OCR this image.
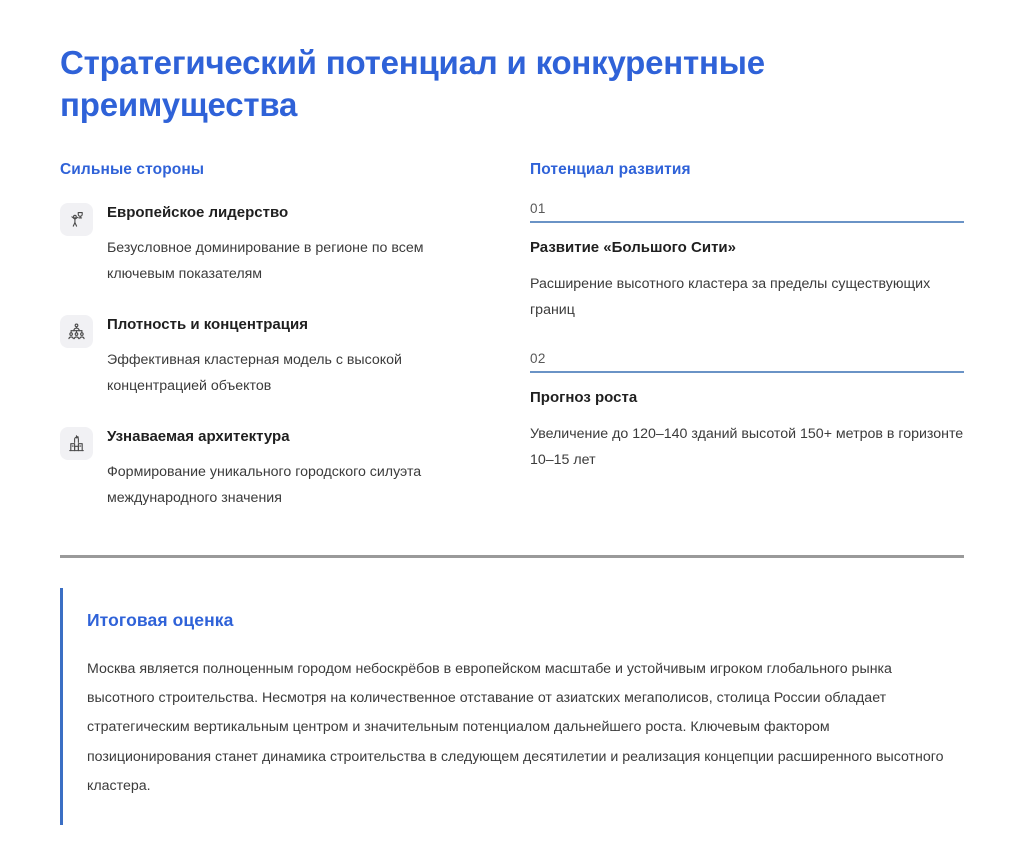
Стратегический потенциал и конкурентные преимущества
Сильные стороны

Европейское лидерство

Безусловное доминирование в регионе по всем ключевым показателям

Плотность и концентрация

Эффективная кластерная модель с высокой концентрацией объектов

Узнаваемая архитектура

Формирование уникального городского силуэта международного значения

Потенциал развития
01

Развитие «Большого Сити»

Расширение высотного кластера за пределы существующих границ

02

Прогноз роста

Увеличение до 120–140 зданий высотой 150+ метров в горизонте 10–15 лет

Итоговая оценка

Москва является полноценным городом небоскрёбов в европейском масштабе и устойчивым игроком глобального рынка высотного строительства. Несмотря на количественное отставание от азиатских мегаполисов, столица России обладает стратегическим вертикальным центром и значительным потенциалом дальнейшего роста. Ключевым фактором позиционирования станет динамика строительства в следующем десятилетии и реализация концепции расширенного высотного кластера.
